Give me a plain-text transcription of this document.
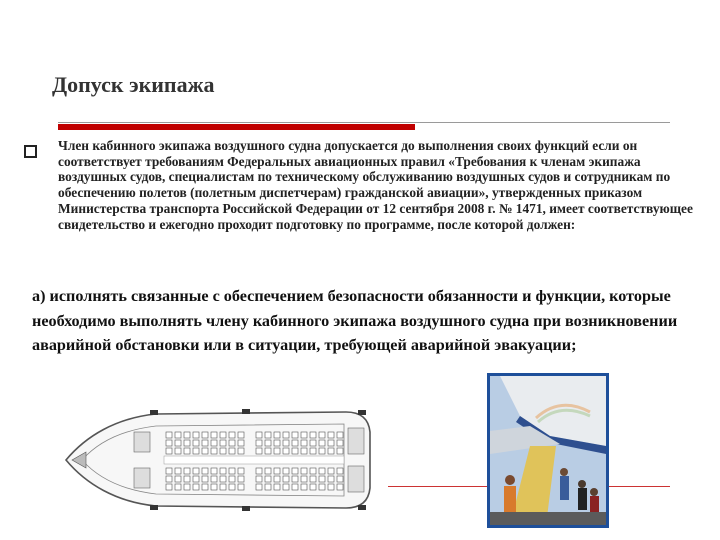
Допуск экипажа
Член кабинного экипажа воздушного судна допускается до выполнения своих функций если он соответствует требованиям Федеральных авиационных правил «Требования к членам экипажа воздушных судов, специалистам по техническому обслуживанию воздушных судов и сотрудникам по обеспечению полетов (полетным диспетчерам) гражданской авиации», утвержденных приказом Министерства транспорта Российской Федерации от 12 сентября 2008 г. № 1471, имеет соответствующее свидетельство и ежегодно проходит подготовку по программе, после которой должен:
а) исполнять связанные с обеспечением безопасности обязанности и функции, которые необходимо выполнять члену кабинного экипажа воздушного судна при возникновении аварийной обстановки или в ситуации, требующей аварийной эвакуации;
